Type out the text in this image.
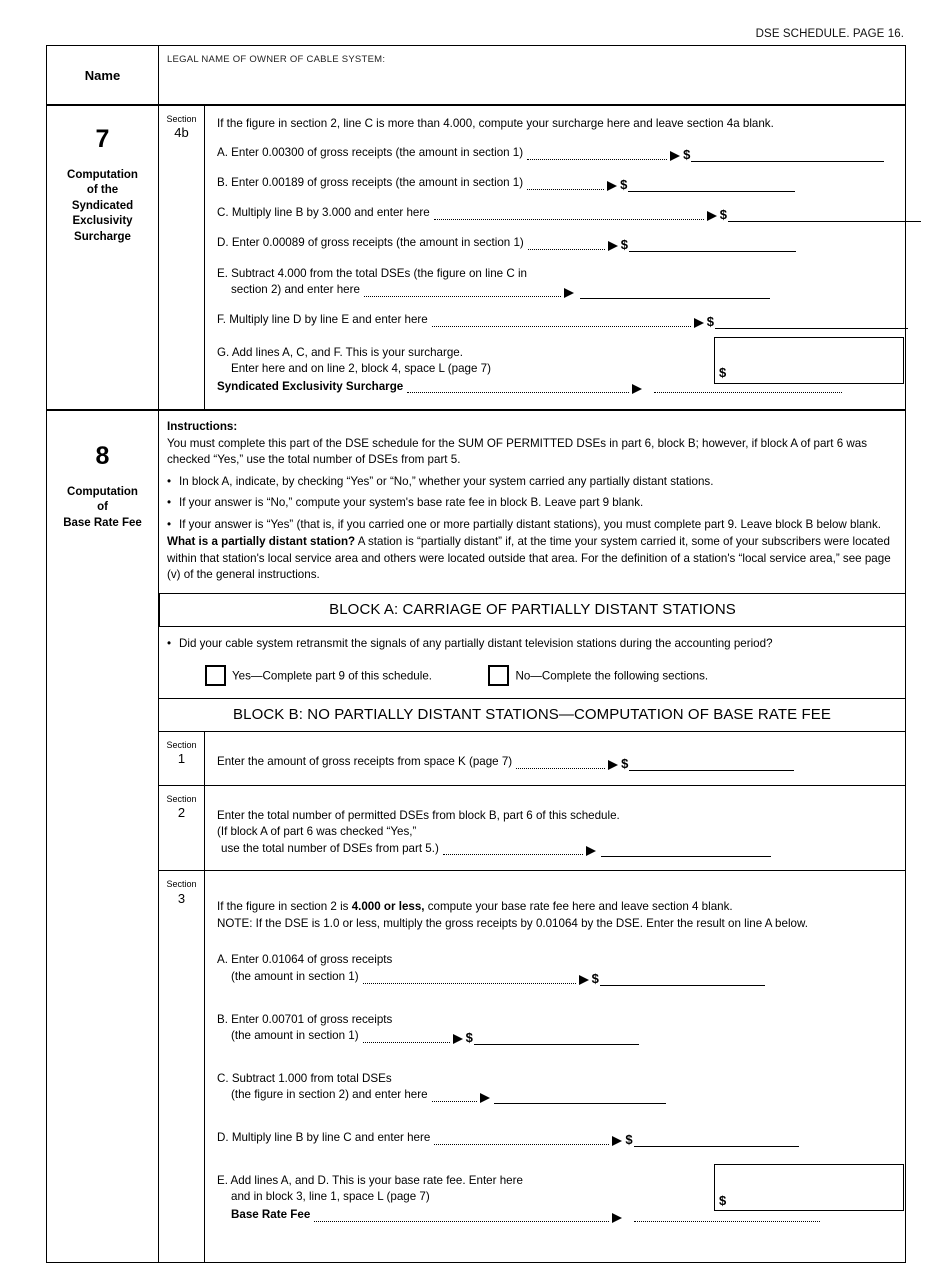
DSE SCHEDULE. PAGE 16.
Name
LEGAL NAME OF OWNER OF CABLE SYSTEM:
7
Computation
of the
Syndicated
Exclusivity
Surcharge
Section
4b
If the figure in section 2, line C is more than 4.000, compute your surcharge here and leave section 4a blank.
A. Enter 0.00300 of gross receipts (the amount in section 1)	$
B. Enter 0.00189 of gross receipts (the amount in section 1)	$
C. Multiply line B by 3.000 and enter here	$
D. Enter 0.00089 of gross receipts (the amount in section 1)	$
E. Subtract 4.000 from the total DSEs (the figure on line C in
section 2) and enter here
F. Multiply line D by line E and enter here	$
G. Add lines A, C, and F. This is your surcharge.
Enter here and on line 2, block 4, space L (page 7)
Syndicated Exclusivity Surcharge
$
8
Computation
of
Base Rate Fee
Instructions:
You must complete this part of the DSE schedule for the SUM OF PERMITTED DSEs in part 6, block B; however, if block A of part 6 was checked “Yes,” use the total number of DSEs from part 5.
• In block A, indicate, by checking “Yes” or “No,” whether your system carried any partially distant stations.
• If your answer is “No,” compute your system's base rate fee in block B. Leave part 9 blank.
• If your answer is “Yes” (that is, if you carried one or more partially distant stations), you must complete part 9. Leave block B below blank.
What is a partially distant station? A station is “partially distant” if, at the time your system carried it, some of your subscribers were located within that station's local service area and others were located outside that area. For the definition of a station's “local service area,” see page (v) of the general instructions.
BLOCK A: CARRIAGE OF PARTIALLY DISTANT STATIONS
• Did your cable system retransmit the signals of any partially distant television stations during the accounting period?
Yes—Complete part 9 of this schedule.	No—Complete the following sections.
BLOCK B: NO PARTIALLY DISTANT STATIONS—COMPUTATION OF BASE RATE FEE
Section
1	Enter the amount of gross receipts from space K (page 7)	$
Section
2	Enter the total number of permitted DSEs from block B, part 6 of this schedule.
(If block A of part 6 was checked “Yes,”
use the total number of DSEs from part 5.)
Section
3
If the figure in section 2 is 4.000 or less, compute your base rate fee here and leave section 4 blank.
NOTE: If the DSE is 1.0 or less, multiply the gross receipts by 0.01064 by the DSE. Enter the result on line A below.
A. Enter 0.01064 of gross receipts
(the amount in section 1)	$
B. Enter 0.00701 of gross receipts
(the amount in section 1)	$
C. Subtract 1.000 from total DSEs
(the figure in section 2) and enter here
D. Multiply line B by line C and enter here	$
E. Add lines A, and D. This is your base rate fee. Enter here
and in block 3, line 1, space L (page 7)
Base Rate Fee
$
